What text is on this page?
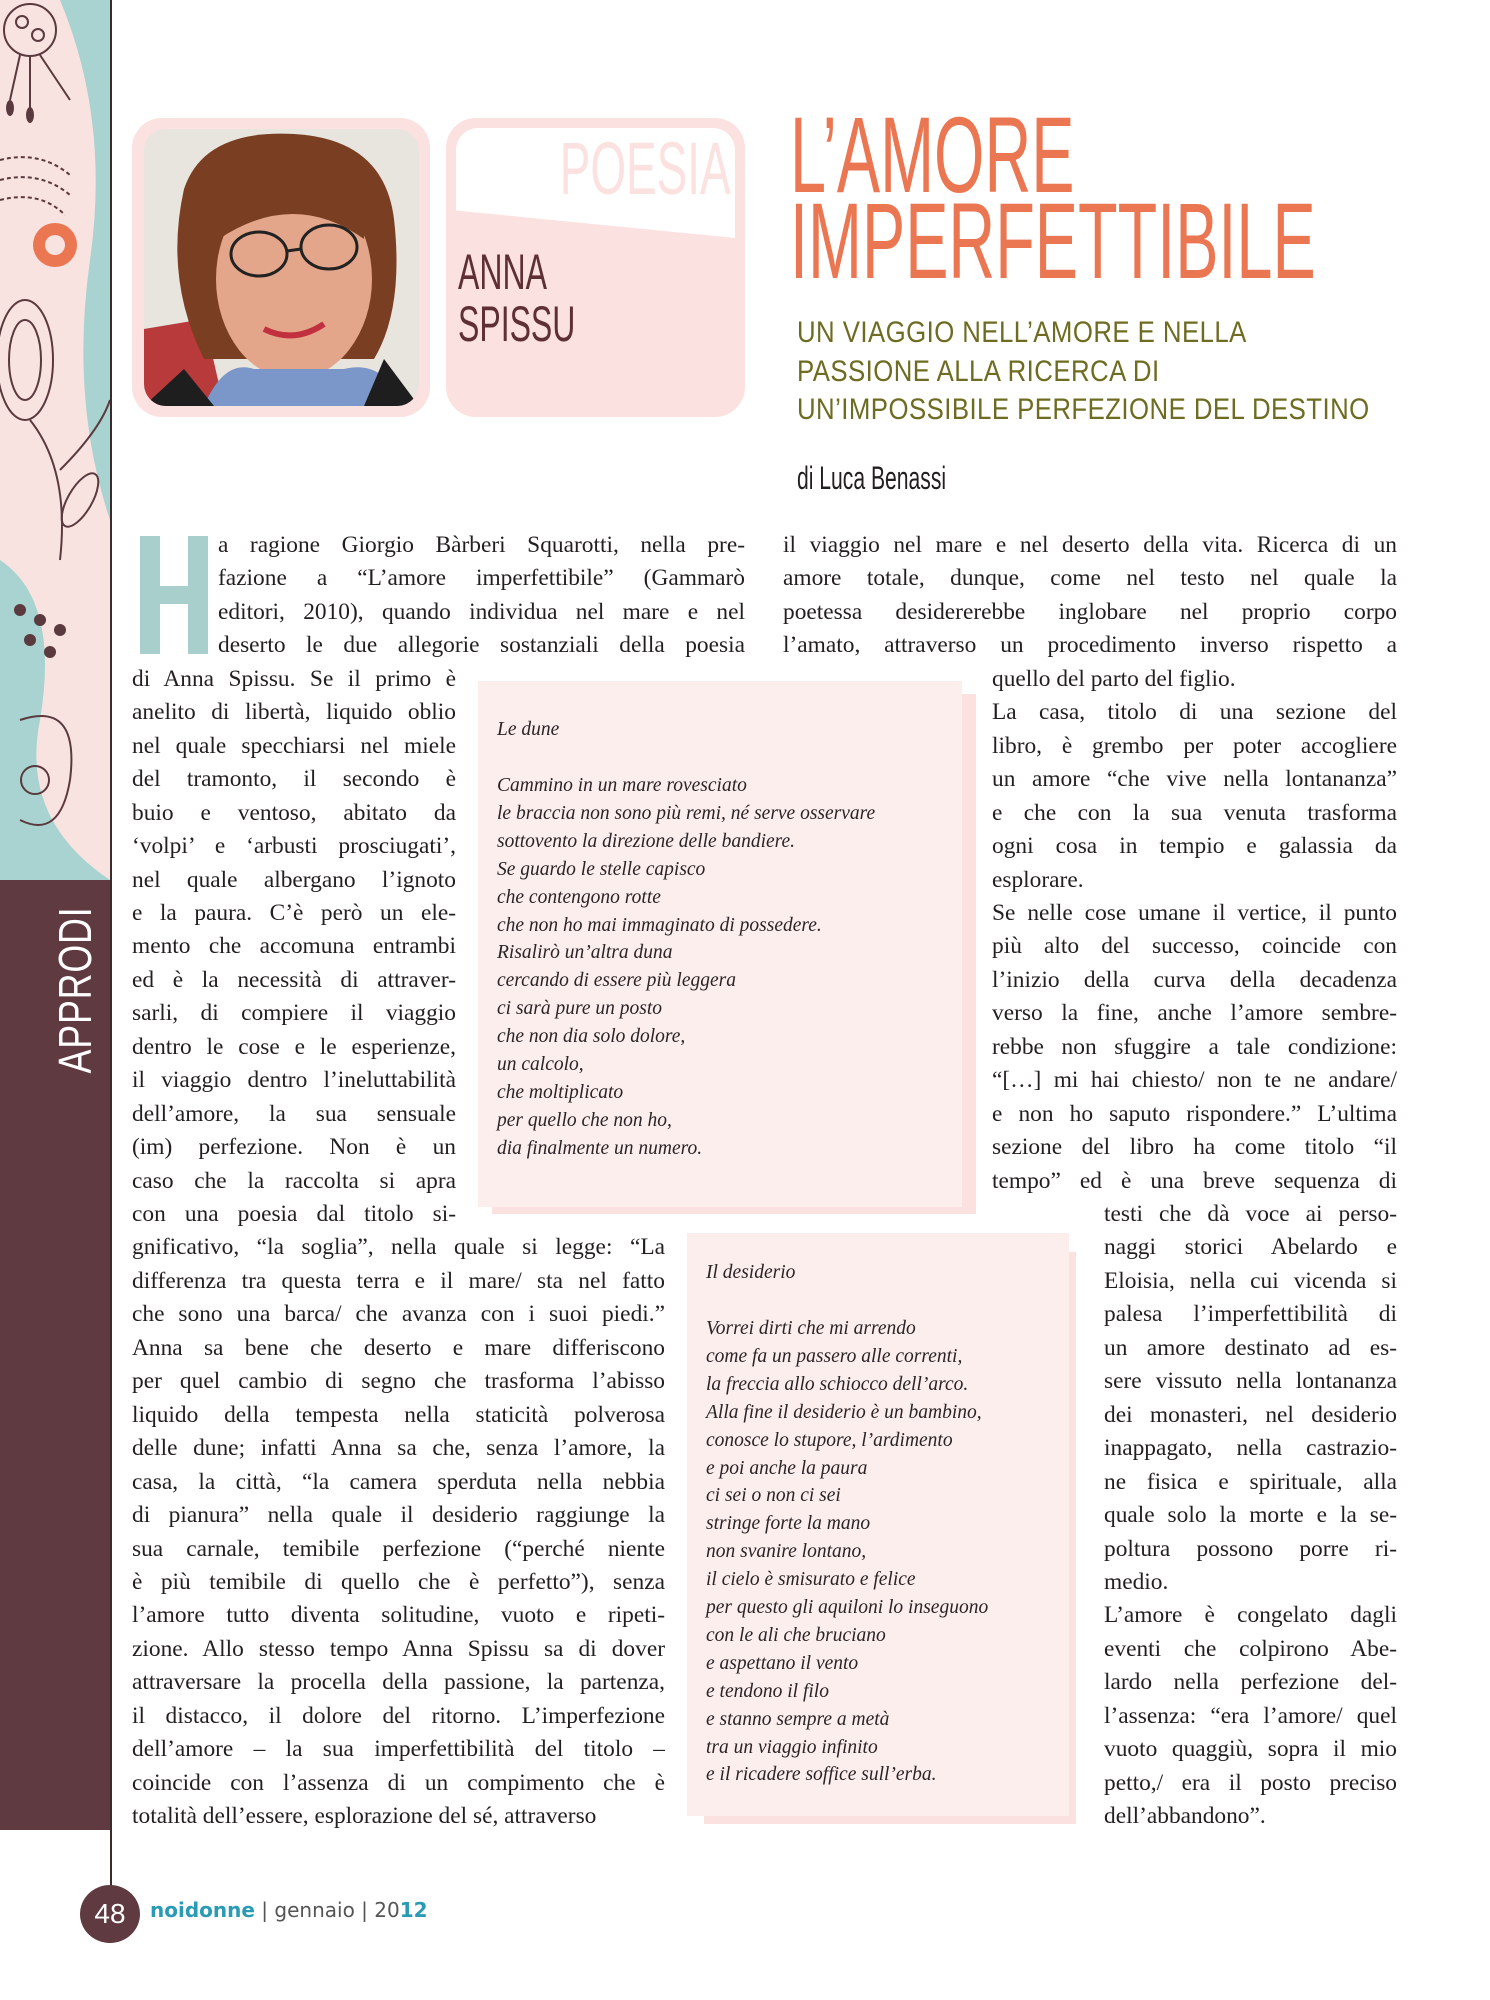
APPRODI
POESIA
ANNA
SPISSU
L’AMORE
IMPERFETTIBILE
UN VIAGGIO NELL’AMORE E NELLA
PASSIONE ALLA RICERCA DI
UN’IMPOSSIBILE PERFEZIONE DEL DESTINO
di Luca Benassi
a ragione Giorgio Bàrberi Squarotti, nella pre-
fazione a “L’amore imperfettibile” (Gammarò
editori, 2010), quando individua nel mare e nel
deserto le due allegorie sostanziali della poesia
di Anna Spissu. Se il primo è
anelito di libertà, liquido oblio
nel quale specchiarsi nel miele
del tramonto, il secondo è
buio e ventoso, abitato da
‘volpi’ e ‘arbusti prosciugati’,
nel quale albergano l’ignoto
e la paura. C’è però un ele-
mento che accomuna entrambi
ed è la necessità di attraver-
sarli, di compiere il viaggio
dentro le cose e le esperienze,
il viaggio dentro l’ineluttabilità
dell’amore, la sua sensuale
(im) perfezione. Non è un
caso che la raccolta si apra
con una poesia dal titolo si-
gnificativo, “la soglia”, nella quale si legge: “La
differenza tra questa terra e il mare/ sta nel fatto
che sono una barca/ che avanza con i suoi piedi.”
Anna sa bene che deserto e mare differiscono
per quel cambio di segno che trasforma l’abisso
liquido della tempesta nella staticità polverosa
delle dune; infatti Anna sa che, senza l’amore, la
casa, la città, “la camera sperduta nella nebbia
di pianura” nella quale il desiderio raggiunge la
sua carnale, temibile perfezione (“perché niente
è più temibile di quello che è perfetto”), senza
l’amore tutto diventa solitudine, vuoto e ripeti-
zione. Allo stesso tempo Anna Spissu sa di dover
attraversare la procella della passione, la partenza,
il distacco, il dolore del ritorno. L’imperfezione
dell’amore – la sua imperfettibilità del titolo –
coincide con l’assenza di un compimento che è
totalità dell’essere, esplorazione del sé, attraverso
il viaggio nel mare e nel deserto della vita. Ricerca di un
amore totale, dunque, come nel testo nel quale la
poetessa desidererebbe inglobare nel proprio corpo
l’amato, attraverso un procedimento inverso rispetto a
quello del parto del figlio.
La casa, titolo di una sezione del
libro, è grembo per poter accogliere
un amore “che vive nella lontananza”
e che con la sua venuta trasforma
ogni cosa in tempio e galassia da
esplorare.
Se nelle cose umane il vertice, il punto
più alto del successo, coincide con
l’inizio della curva della decadenza
verso la fine, anche l’amore sembre-
rebbe non sfuggire a tale condizione:
“[…] mi hai chiesto/ non te ne andare/
e non ho saputo rispondere.” L’ultima
sezione del libro ha come titolo “il
tempo” ed è una breve sequenza di
testi che dà voce ai perso-
naggi storici Abelardo e
Eloisia, nella cui vicenda si
palesa l’imperfettibilità di
un amore destinato ad es-
sere vissuto nella lontananza
dei monasteri, nel desiderio
inappagato, nella castrazio-
ne fisica e spirituale, alla
quale solo la morte e la se-
poltura possono porre ri-
medio.
L’amore è congelato dagli
eventi che colpirono Abe-
lardo nella perfezione del-
l’assenza: “era l’amore/ quel
vuoto quaggiù, sopra il mio
petto,/ era il posto preciso
dell’abbandono”.
Le dune
Cammino in un mare rovesciato
le braccia non sono più remi, né serve osservare
sottovento la direzione delle bandiere.
Se guardo le stelle capisco
che contengono rotte
che non ho mai immaginato di possedere.
Risalirò un’altra duna
cercando di essere più leggera
ci sarà pure un posto
che non dia solo dolore,
un calcolo,
che moltiplicato
per quello che non ho,
dia finalmente un numero.
Il desiderio
Vorrei dirti che mi arrendo
come fa un passero alle correnti,
la freccia allo schiocco dell’arco.
Alla fine il desiderio è un bambino,
conosce lo stupore, l’ardimento
e poi anche la paura
ci sei o non ci sei
stringe forte la mano
non svanire lontano,
il cielo è smisurato e felice
per questo gli aquiloni lo inseguono
con le ali che bruciano
e aspettano il vento
e tendono il filo
e stanno sempre a metà
tra un viaggio infinito
e il ricadere soffice sull’erba.
48	noidonne | gennaio | 2012
